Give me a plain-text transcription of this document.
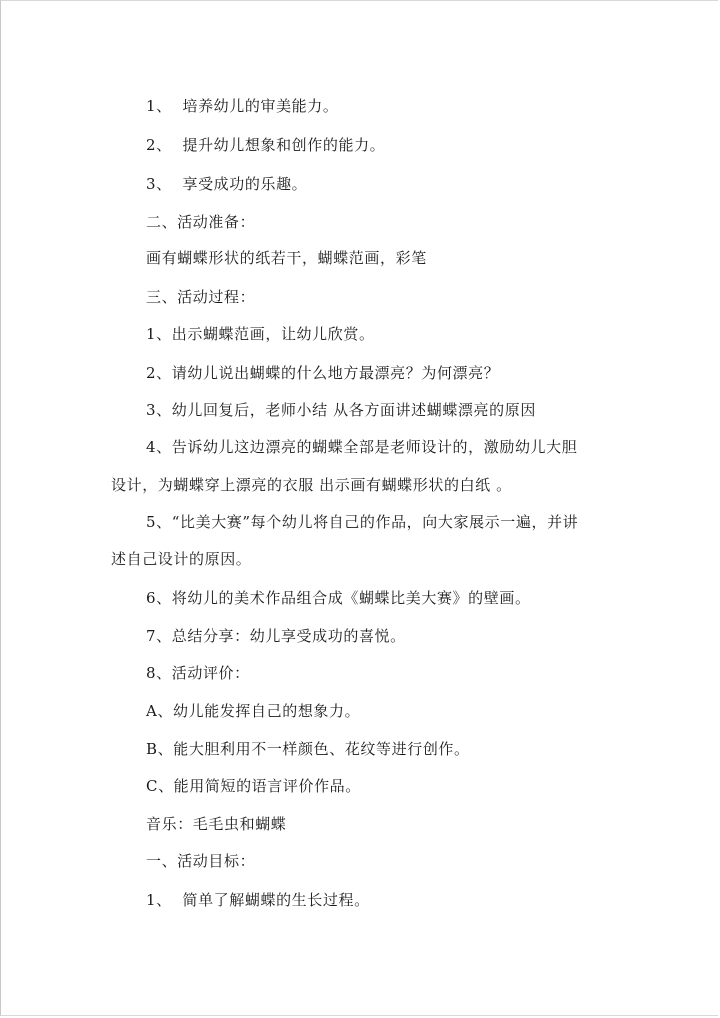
1、  培养幼儿的审美能力。
2、  提升幼儿想象和创作的能力。
3、  享受成功的乐趣。
二、活动准备：
画有蝴蝶形状的纸若干，蝴蝶范画，彩笔
三、活动过程：
1、出示蝴蝶范画，让幼儿欣赏。
2、请幼儿说出蝴蝶的什么地方最漂亮？为何漂亮？
3、幼儿回复后，老师小结 从各方面讲述蝴蝶漂亮的原因
4、告诉幼儿这边漂亮的蝴蝶全部是老师设计的，激励幼儿大胆
设计，为蝴蝶穿上漂亮的衣服 出示画有蝴蝶形状的白纸 。
5、“比美大赛”每个幼儿将自己的作品，向大家展示一遍，并讲
述自己设计的原因。
6、将幼儿的美术作品组合成《蝴蝶比美大赛》的壁画。
7、总结分享：幼儿享受成功的喜悦。
8、活动评价：
A、幼儿能发挥自己的想象力。
B、能大胆利用不一样颜色、花纹等进行创作。
C、能用简短的语言评价作品。
音乐：毛毛虫和蝴蝶
一、活动目标：
1、  简单了解蝴蝶的生长过程。
